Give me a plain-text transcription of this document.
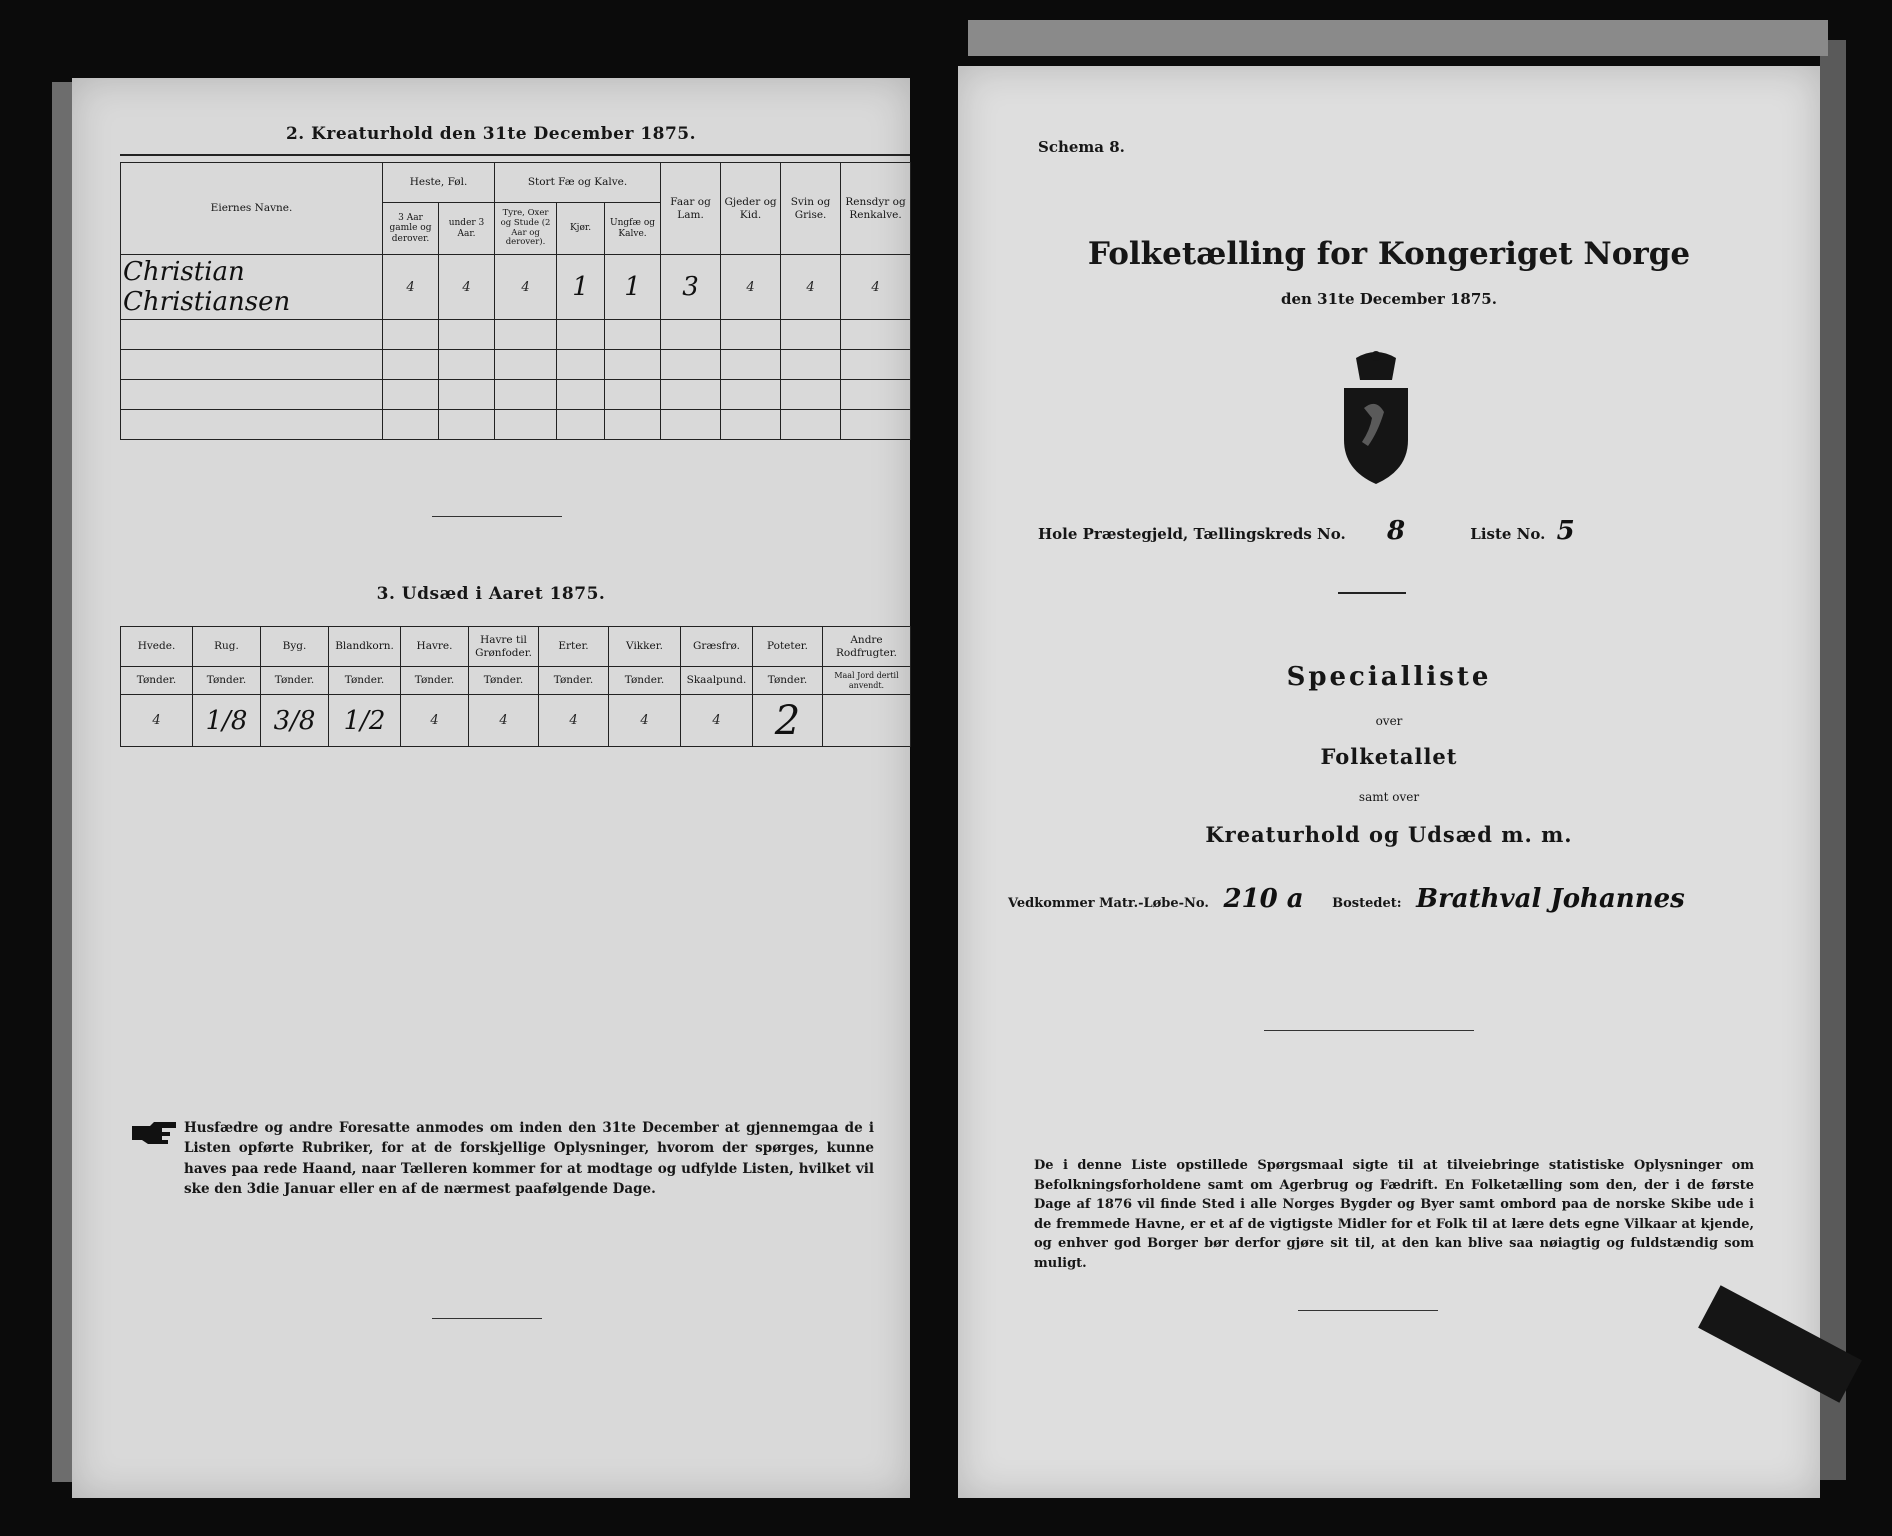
2. Kreaturhold den 31te December 1875.
Eiernes Navne.	Heste, Føl.		Stort Fæ og Kalve.			Faar og Lam.	Gjeder og Kid.	Svin og Grise.	Rensdyr og Renkalve.
	3 Aar gamle og derover.	under 3 Aar.	Tyre, Oxer og Stude (2 Aar og derover).	Kjør.	Ungfæ og Kalve.				
Christian Christiansen	4	4	4	1	1	3	4	4	4

3. Udsæd i Aaret 1875.
Hvede.	Rug.	Byg.	Blandkorn.	Havre.	Havre til Grønfoder.	Erter.	Vikker.	Græsfrø.	Poteter.	Andre Rodfrugter.
Tønder.	Tønder.	Tønder.	Tønder.	Tønder.	Tønder.	Tønder.	Tønder.	Skaalpund.	Tønder.	Maal Jord dertil anvendt.
4	1/8	3/8	1/2	4	4	4	4	4	2	
Husfædre og andre Foresatte anmodes om inden den 31te December at gjennemgaa de i Listen opførte Rubriker, for at de forskjellige Oplysninger, hvorom der spørges, kunne haves paa rede Haand, naar Tælleren kommer for at modtage og udfylde Listen, hvilket vil ske den 3die Januar eller en af de nærmest paafølgende Dage.
Schema 8.
Folketælling for Kongeriget Norge
den 31te December 1875.
Hole Præstegjeld, Tællingskreds No. 8	Liste No. 5
Specialliste
over
Folketallet
samt over
Kreaturhold og Udsæd m. m.
Vedkommer Matr.-Løbe-No. 210 a Bostedet: Brathval Johannes
De i denne Liste opstillede Spørgsmaal sigte til at tilveiebringe statistiske Oplysninger om Befolkningsforholdene samt om Agerbrug og Fædrift. En Folketælling som den, der i de første Dage af 1876 vil finde Sted i alle Norges Bygder og Byer samt ombord paa de norske Skibe ude i de fremmede Havne, er et af de vigtigste Midler for et Folk til at lære dets egne Vilkaar at kjende, og enhver god Borger bør derfor gjøre sit til, at den kan blive saa nøiagtig og fuldstændig som muligt.
